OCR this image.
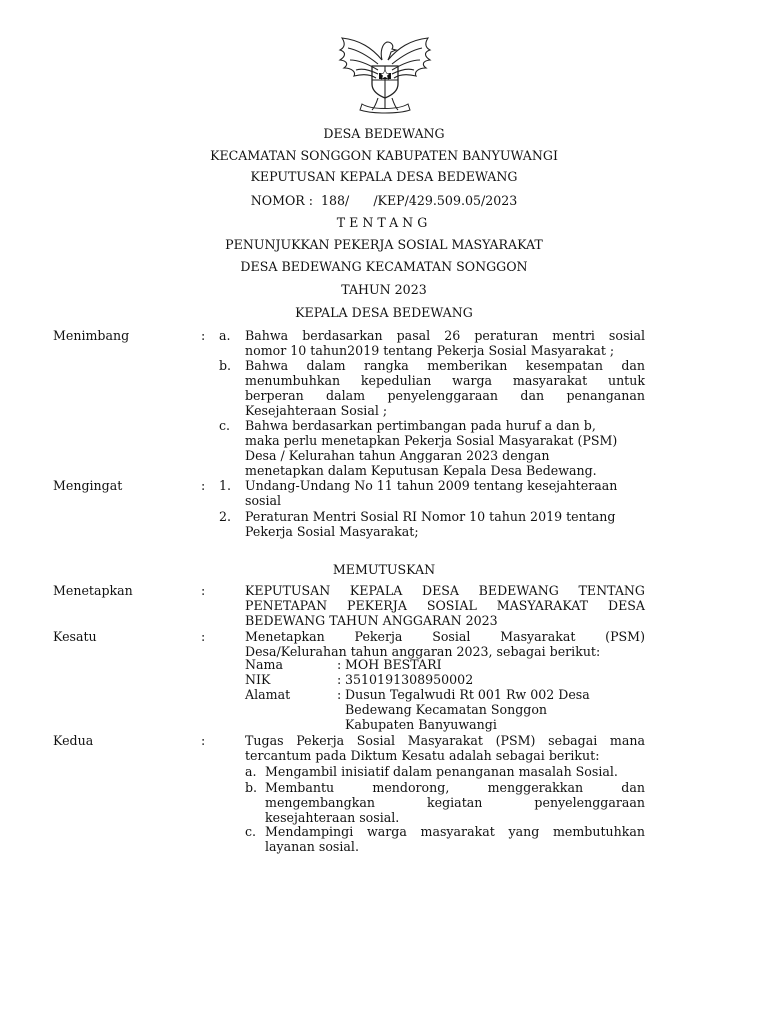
DESA BEDEWANG
KECAMATAN SONGGON KABUPATEN BANYUWANGI
KEPUTUSAN KEPALA DESA BEDEWANG
NOMOR :  188/      /KEP/429.509.05/2023
TENTANG
PENUNJUKKAN PEKERJA SOSIAL MASYARAKAT
DESA BEDEWANG KECAMATAN SONGGON
TAHUN 2023
KEPALA DESA BEDEWANG
Menimbang	: a. Bahwa berdasarkan pasal 26 peraturan mentri sosial
nomor 10 tahun2019 tentang Pekerja Sosial Masyarakat ;
b. Bahwa dalam rangka memberikan kesempatan dan
menumbuhkan kepedulian warga masyarakat untuk
berperan dalam penyelenggaraan dan penanganan
Kesejahteraan Sosial ;
c. Bahwa berdasarkan pertimbangan pada huruf a dan b,
maka perlu menetapkan Pekerja Sosial Masyarakat (PSM)
Desa / Kelurahan tahun Anggaran 2023 dengan
menetapkan dalam Keputusan Kepala Desa Bedewang.
Mengingat	: 1. Undang-Undang No 11 tahun 2009 tentang kesejahteraan
sosial
2. Peraturan Mentri Sosial RI Nomor 10 tahun 2019 tentang
Pekerja Sosial Masyarakat;
MEMUTUSKAN
Menetapkan	:	KEPUTUSAN KEPALA DESA BEDEWANG TENTANG
PENETAPAN PEKERJA SOSIAL MASYARAKAT DESA
BEDEWANG TAHUN ANGGARAN 2023
Kesatu	:	Menetapkan Pekerja Sosial Masyarakat (PSM)
Desa/Kelurahan tahun anggaran 2023, sebagai berikut:
Nama	: MOH BESTARI
NIK	: 3510191308950002
Alamat	: Dusun Tegalwudi Rt 001 Rw 002 Desa
Bedewang Kecamatan Songgon
Kabupaten Banyuwangi
Kedua	:	Tugas Pekerja Sosial Masyarakat (PSM) sebagai mana
tercantum pada Diktum Kesatu adalah sebagai berikut:
a. Mengambil inisiatif dalam penanganan masalah Sosial.
b. Membantu mendorong, menggerakkan dan
mengembangkan kegiatan penyelenggaraan
kesejahteraan sosial.
c. Mendampingi warga masyarakat yang membutuhkan
layanan sosial.
